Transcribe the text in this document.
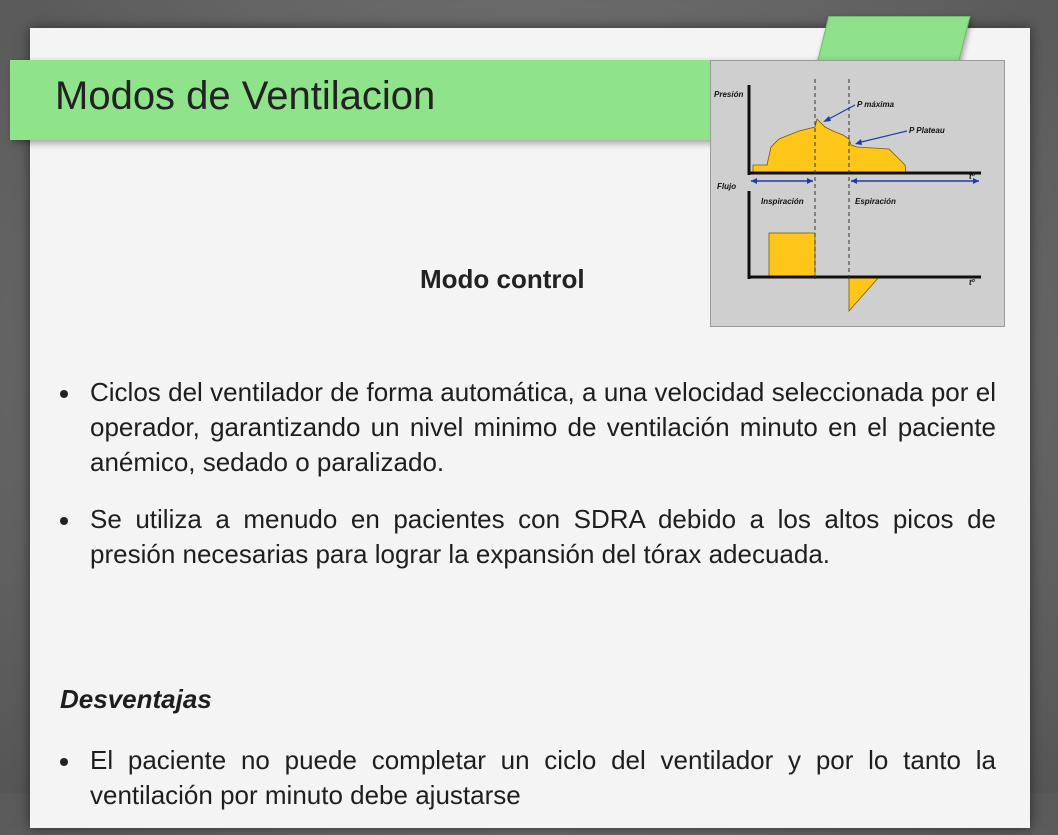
Modos de Ventilacion	Presión
P máxima
P Plateau
tº
Flujo
Inspiración	Espiración
tº
Modo control

Ciclos del ventilador de forma automática, a una velocidad seleccionada por el operador, garantizando un nivel minimo de ventilación minuto en el paciente anémico, sedado o paralizado.

Se utiliza a menudo en pacientes con SDRA debido a los altos picos de presión necesarias para lograr la expansión del tórax adecuada.

Desventajas

El paciente no puede completar un ciclo del ventilador y por lo tanto la ventilación por minuto debe ajustarse
